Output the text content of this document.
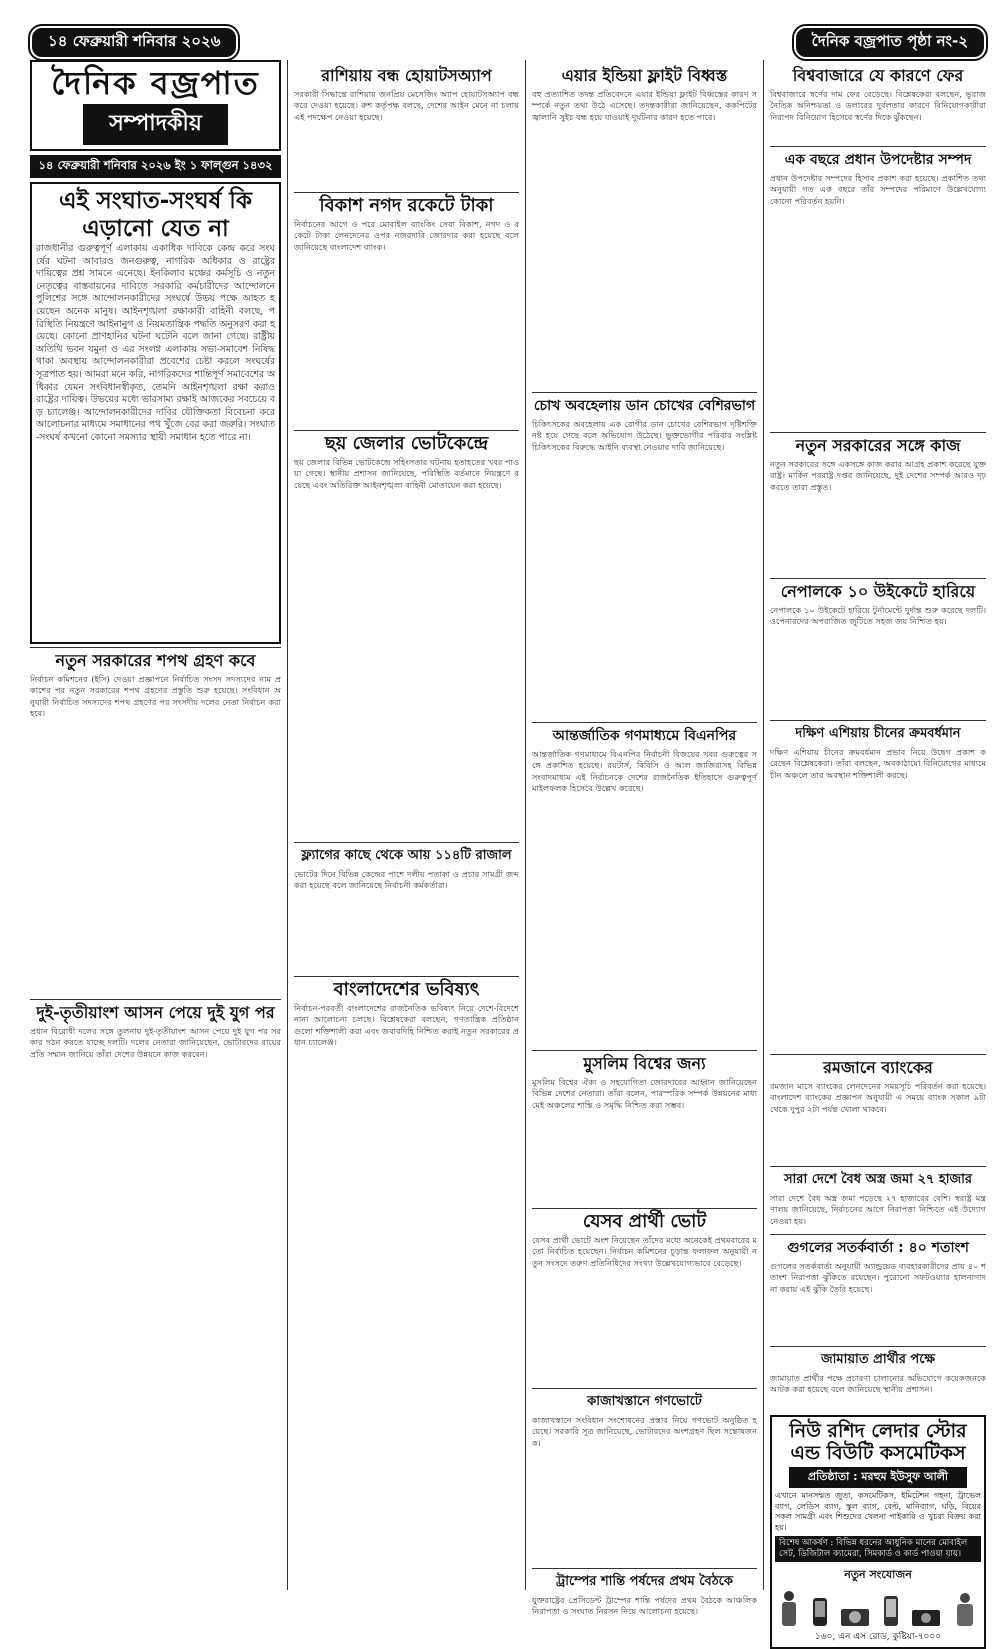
১৪ ফেব্রুয়ারী শনিবার ২০২৬	দৈনিক বজ্রপাত পৃষ্ঠা নং-২
দৈনিক বজ্রপাত
সম্পাদকীয়
১৪ ফেব্রুয়ারী শনিবার ২০২৬ ইং ১ ফাল্গুন ১৪৩২
এই সংঘাত-সংঘর্ষ কি এড়ানো যেত না
রাজধানীর গুরুত্বপূর্ণ এলাকায় একাধিক দাবিকে কেন্দ্র করে সংঘর্ষের ঘটনা আবারও জনগুরুত্ব, নাগরিক অধিকার ও রাষ্ট্রের দায়িত্বের প্রশ্ন সামনে এনেছে। ইনকিলাব মঞ্চের কর্মসূচি ও নতুন নেতৃত্বের বাস্তবায়নের দাবিতে সরকারি কর্মচারীদের আন্দোলনে পুলিশের সঙ্গে আন্দোলনকারীদের সংঘর্ষে উভয় পক্ষে আহত হয়েছেন অনেক মানুষ। আইনশৃঙ্খলা রক্ষাকারী বাহিনী বলছে, পরিস্থিতি নিয়ন্ত্রণে আইনানুগ ও নিয়মতান্ত্রিক পদ্ধতি অনুসরণ করা হয়েছে। কোনো প্রাণহানির ঘটনা ঘটেনি বলে জানা গেছে। রাষ্ট্রীয় অতিথি ভবন যমুনা ও এর সংলগ্ন এলাকায় সভা-সমাবেশ নিষিদ্ধ থাকা অবস্থায় আন্দোলনকারীরা প্রবেশের চেষ্টা করলে সংঘর্ষের সূত্রপাত হয়। আমরা মনে করি, নাগরিকদের শান্তিপূর্ণ সমাবেশের অধিকার যেমন সংবিধানস্বীকৃত, তেমনি আইনশৃঙ্খলা রক্ষা করাও রাষ্ট্রের দায়িত্ব। উভয়ের মধ্যে ভারসাম্য রক্ষাই আজকের সবচেয়ে বড় চ্যালেঞ্জ। আন্দোলনকারীদের দাবির যৌক্তিকতা বিবেচনা করে আলোচনার মাধ্যমে সমাধানের পথ খুঁজে বের করা জরুরি। সংঘাত-সংঘর্ষ কখনো কোনো সমস্যার স্থায়ী সমাধান হতে পারে না।
নতুন সরকারের শপথ গ্রহণ কবে
নির্বাচন কমিশনের (ইসি) দেওয়া প্রজ্ঞাপনে নির্বাচিত সংসদ সদস্যদের নাম প্রকাশের পর নতুন সরকারের শপথ গ্রহণের প্রস্তুতি শুরু হয়েছে। সংবিধান অনুযায়ী নির্বাচিত সদস্যদের শপথ গ্রহণের পর সংসদীয় দলের নেতা নির্বাচন করা হবে।
দুই-তৃতীয়াংশ আসন পেয়ে দুই যুগ পর
প্রধান বিরোধী দলের সঙ্গে তুলনায় দুই-তৃতীয়াংশ আসন পেয়ে দুই যুগ পর সরকার গঠন করতে যাচ্ছে দলটি। দলের নেতারা জানিয়েছেন, ভোটারদের রায়ের প্রতি সম্মান জানিয়ে তাঁরা দেশের উন্নয়নে কাজ করবেন।
রাশিয়ায় বন্ধ হোয়াটসঅ্যাপ
সরকারী সিদ্ধান্তে রাশিয়ায় জনপ্রিয় মেসেজিং অ্যাপ হোয়াটসঅ্যাপ বন্ধ করে দেওয়া হয়েছে। রুশ কর্তৃপক্ষ বলছে, দেশের আইন মেনে না চলায় এই পদক্ষেপ নেওয়া হয়েছে।
বিকাশ নগদ রকেটে টাকা
নির্বাচনের আগে ও পরে মোবাইল ব্যাংকিং সেবা বিকাশ, নগদ ও রকেটে টাকা লেনদেনের ওপর নজরদারি জোরদার করা হয়েছে বলে জানিয়েছে বাংলাদেশ ব্যাংক।
ছয় জেলার ভোটকেন্দ্রে
ছয় জেলার বিভিন্ন ভোটকেন্দ্রে সহিংসতার ঘটনায় হতাহতের খবর পাওয়া গেছে। স্থানীয় প্রশাসন জানিয়েছে, পরিস্থিতি বর্তমানে নিয়ন্ত্রণে রয়েছে এবং অতিরিক্ত আইনশৃঙ্খলা বাহিনী মোতায়েন করা হয়েছে।
ফ্ল্যাগের কাছে থেকে আয় ১১৪টি রাজাল
ভোটের দিনে বিভিন্ন কেন্দ্রের পাশে দলীয় পতাকা ও প্রচার সামগ্রী জব্দ করা হয়েছে বলে জানিয়েছে নির্বাচনী কর্মকর্তারা।
বাংলাদেশের ভবিষ্যৎ
নির্বাচন-পরবর্তী বাংলাদেশের রাজনৈতিক ভবিষ্যৎ নিয়ে দেশে-বিদেশে নানা আলোচনা চলছে। বিশ্লেষকেরা বলছেন, গণতান্ত্রিক প্রতিষ্ঠানগুলো শক্তিশালী করা এবং জবাবদিহি নিশ্চিত করাই নতুন সরকারের প্রধান চ্যালেঞ্জ।
এয়ার ইন্ডিয়া ফ্লাইট বিধ্বস্ত
বহু প্রত্যাশিত তদন্ত প্রতিবেদনে এয়ার ইন্ডিয়া ফ্লাইট বিধ্বস্তের কারণ সম্পর্কে নতুন তথ্য উঠে এসেছে। তদন্তকারীরা জানিয়েছেন, ককপিটের জ্বালানি সুইচ বন্ধ হয়ে যাওয়াই দুর্ঘটনার কারণ হতে পারে।
চোখ অবহেলায় ডান চোখের বেশিরভাগ
চিকিৎসকের অবহেলায় এক রোগীর ডান চোখের বেশিরভাগ দৃষ্টিশক্তি নষ্ট হয়ে গেছে বলে অভিযোগ উঠেছে। ভুক্তভোগীর পরিবার সংশ্লিষ্ট চিকিৎসকের বিরুদ্ধে আইনি ব্যবস্থা নেওয়ার দাবি জানিয়েছে।
আন্তর্জাতিক গণমাধ্যমে বিএনপির
আন্তর্জাতিক গণমাধ্যমে বিএনপির নির্বাচনী বিজয়ের খবর গুরুত্বের সঙ্গে প্রকাশিত হয়েছে। রয়টার্স, বিবিসি ও আল জাজিরাসহ বিভিন্ন সংবাদমাধ্যম এই নির্বাচনকে দেশের রাজনৈতিক ইতিহাসে গুরুত্বপূর্ণ মাইলফলক হিসেবে উল্লেখ করেছে।
মুসলিম বিশ্বের জন্য
মুসলিম বিশ্বের ঐক্য ও সহযোগিতা জোরদারের আহ্বান জানিয়েছেন বিভিন্ন দেশের নেতারা। তাঁরা বলেন, পারস্পরিক সম্পর্ক উন্নয়নের মাধ্যমেই অঞ্চলের শান্তি ও সমৃদ্ধি নিশ্চিত করা সম্ভব।
যেসব প্রার্থী ভোট
যেসব প্রার্থী ভোটে অংশ নিয়েছেন তাঁদের মধ্যে অনেকেই প্রথমবারের মতো নির্বাচিত হয়েছেন। নির্বাচন কমিশনের চূড়ান্ত ফলাফল অনুযায়ী নতুন সংসদে তরুণ প্রতিনিধিদের সংখ্যা উল্লেখযোগ্যভাবে বেড়েছে।
কাজাখস্তানে গণভোটে
কাজাখস্তানে সংবিধান সংশোধনের প্রস্তাব নিয়ে গণভোট অনুষ্ঠিত হয়েছে। সরকারি সূত্র জানিয়েছে, ভোটারদের অংশগ্রহণ ছিল সন্তোষজনক।
ট্রাম্পের শান্তি পর্ষদের প্রথম বৈঠকে
যুক্তরাষ্ট্রের প্রেসিডেন্ট ট্রাম্পের শান্তি পর্ষদের প্রথম বৈঠকে আঞ্চলিক নিরাপত্তা ও সংঘাত নিরসন নিয়ে আলোচনা হয়েছে।
বিশ্ববাজারে যে কারণে ফের
বিশ্ববাজারে স্বর্ণের দাম ফের বেড়েছে। বিশ্লেষকেরা বলছেন, ভূরাজনৈতিক অনিশ্চয়তা ও ডলারের দুর্বলতার কারণে বিনিয়োগকারীরা নিরাপদ বিনিয়োগ হিসেবে স্বর্ণের দিকে ঝুঁকছেন।
এক বছরে প্রধান উপদেষ্টার সম্পদ
প্রধান উপদেষ্টার সম্পদের হিসাব প্রকাশ করা হয়েছে। প্রকাশিত তথ্য অনুযায়ী গত এক বছরে তাঁর সম্পদের পরিমাণে উল্লেখযোগ্য কোনো পরিবর্তন হয়নি।
নতুন সরকারের সঙ্গে কাজ
নতুন সরকারের সঙ্গে একসঙ্গে কাজ করার আগ্রহ প্রকাশ করেছে যুক্তরাষ্ট্র। মার্কিন পররাষ্ট্র দপ্তর জানিয়েছে, দুই দেশের সম্পর্ক আরও দৃঢ় করতে তারা প্রস্তুত।
নেপালকে ১০ উইকেটে হারিয়ে
নেপালকে ১০ উইকেটে হারিয়ে টুর্নামেন্টে দুর্দান্ত শুরু করেছে দলটি। ওপেনারদের অপরাজিত জুটিতে সহজ জয় নিশ্চিত হয়।
দক্ষিণ এশিয়ায় চীনের ক্রমবর্ধমান
দক্ষিণ এশিয়ায় চীনের ক্রমবর্ধমান প্রভাব নিয়ে উদ্বেগ প্রকাশ করেছেন বিশ্লেষকেরা। তাঁরা বলছেন, অবকাঠামো বিনিয়োগের মাধ্যমে চীন অঞ্চলে তার অবস্থান শক্তিশালী করছে।
রমজানে ব্যাংকের
রমজান মাসে ব্যাংকের লেনদেনের সময়সূচি পরিবর্তন করা হয়েছে। বাংলাদেশ ব্যাংকের প্রজ্ঞাপন অনুযায়ী এ সময়ে ব্যাংক সকাল ৯টা থেকে দুপুর ২টা পর্যন্ত খোলা থাকবে।
সারা দেশে বৈধ অস্ত্র জমা ২৭ হাজার
সারা দেশে বৈধ অস্ত্র জমা পড়েছে ২৭ হাজারের বেশি। স্বরাষ্ট্র মন্ত্রণালয় জানিয়েছে, নির্বাচনের আগে নিরাপত্তা নিশ্চিতে এই উদ্যোগ নেওয়া হয়।
গুগলের সতর্কবার্তা : ৪০ শতাংশ
গুগলের সতর্কবার্তা অনুযায়ী অ্যান্ড্রয়েড ব্যবহারকারীদের প্রায় ৪০ শতাংশ নিরাপত্তা ঝুঁকিতে রয়েছেন। পুরোনো সফটওয়্যার হালনাগাদ না করায় এই ঝুঁকি তৈরি হয়েছে।
জামায়াত প্রার্থীর পক্ষে
জামায়াত প্রার্থীর পক্ষে প্রচারণা চালানোর অভিযোগে কয়েকজনকে আটক করা হয়েছে বলে জানিয়েছে স্থানীয় প্রশাসন।
নিউ রশিদ লেদার স্টোর এন্ড বিউটি কসমেটিকস
প্রতিষ্ঠাতা : মরহুম ইউসুফ আলী
এখানে মানসম্মত জুতা, কসমেটিকস, ইমিটেশন গহনা, ট্রাভেল ব্যাগ, লেডিস ব্যাগ, স্কুল ব্যাগ, বেল্ট, মানিব্যাগ, ঘড়ি, বিয়ের সকল সামগ্রী এবং শিশুদের খেলনা পাইকারি ও খুচরা বিক্রয় করা হয়।
বিশেষ আকর্ষণ : বিভিন্ন ধরনের আধুনিক মানের মোবাইল সেট, ডিজিটাল ক্যামেরা, সিমকার্ড ও কার্ড পাওয়া যায়।
নতুন সংযোজন
১৬০, এন এস রোড, কুষ্টিয়া-৭০০০
